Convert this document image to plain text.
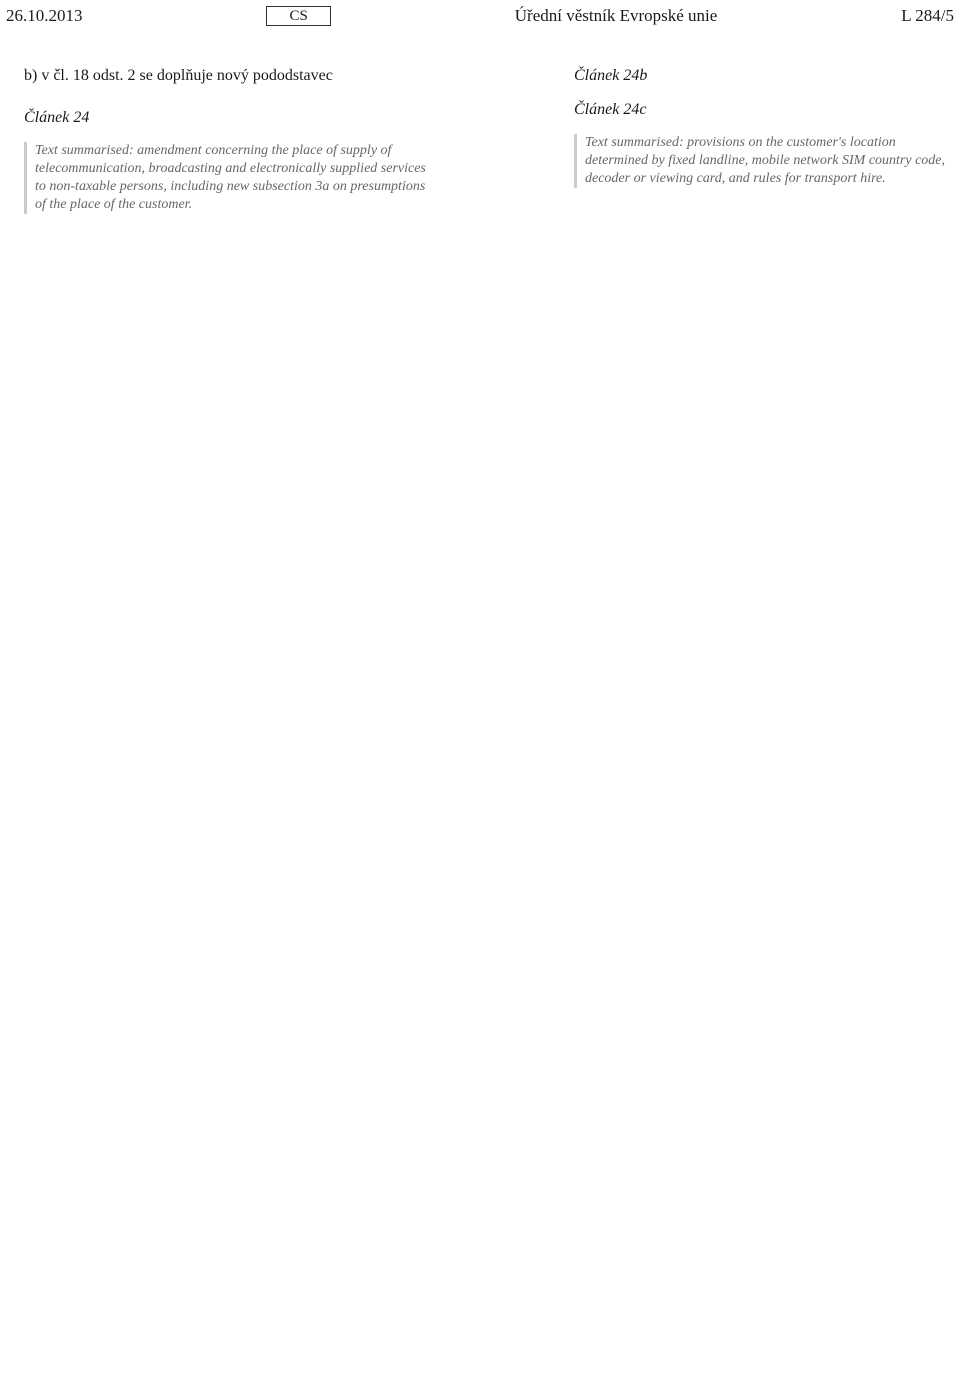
26.10.2013	CS	Úřední věstník Evropské unie	L 284/5

b) v čl. 18 odst. 2 se doplňuje nový pododstavec

Článek 24

Text summarised: amendment concerning the place of supply of telecommunication, broadcasting and electronically supplied services to non-taxable persons, including new subsection 3a on presumptions of the place of the customer.

Článek 24b

Článek 24c

Text summarised: provisions on the customer's location determined by fixed landline, mobile network SIM country code, decoder or viewing card, and rules for transport hire.
